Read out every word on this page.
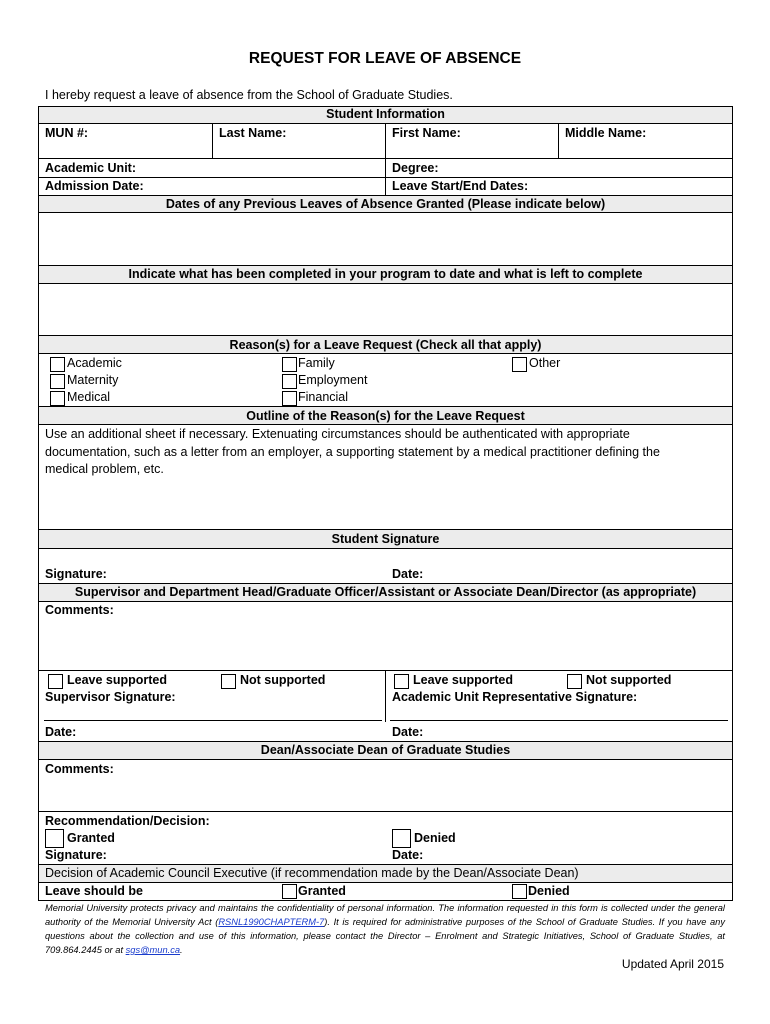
REQUEST FOR LEAVE OF ABSENCE
I hereby request a leave of absence from the School of Graduate Studies.
Student Information
MUN #:	Last Name:	First Name:	Middle Name:
Academic Unit:	Degree:
Admission Date:	Leave Start/End Dates:
Dates of any Previous Leaves of Absence Granted (Please indicate below)
Indicate what has been completed in your program to date and what is left to complete
Reason(s) for a Leave Request (Check all that apply)
Academic
Maternity
Medical
Family
Employment
Financial
Other
Outline of the Reason(s) for the Leave Request
Use an additional sheet if necessary. Extenuating circumstances should be authenticated with appropriate
documentation, such as a letter from an employer, a supporting statement by a medical practitioner defining the
medical problem, etc.
Student Signature
Signature:	Date:
Supervisor and Department Head/Graduate Officer/Assistant or Associate Dean/Director (as appropriate)
Comments:
Leave supported	Not supported
Supervisor Signature:
Leave supported	Not supported
Academic Unit Representative Signature:
Date:	Date:
Dean/Associate Dean of Graduate Studies
Comments:
Recommendation/Decision:
Granted	Denied
Signature:	Date:
Decision of Academic Council Executive (if recommendation made by the Dean/Associate Dean)
Leave should be	Granted	Denied
Memorial University protects privacy and maintains the confidentiality of personal information. The information requested in this form is collected under the general authority of the Memorial University Act (RSNL1990CHAPTERM-7). It is required for administrative purposes of the School of Graduate Studies. If you have any questions about the collection and use of this information, please contact the Director – Enrolment and Strategic Initiatives, School of Graduate Studies, at 709.864.2445 or at sgs@mun.ca.
Updated April 2015
